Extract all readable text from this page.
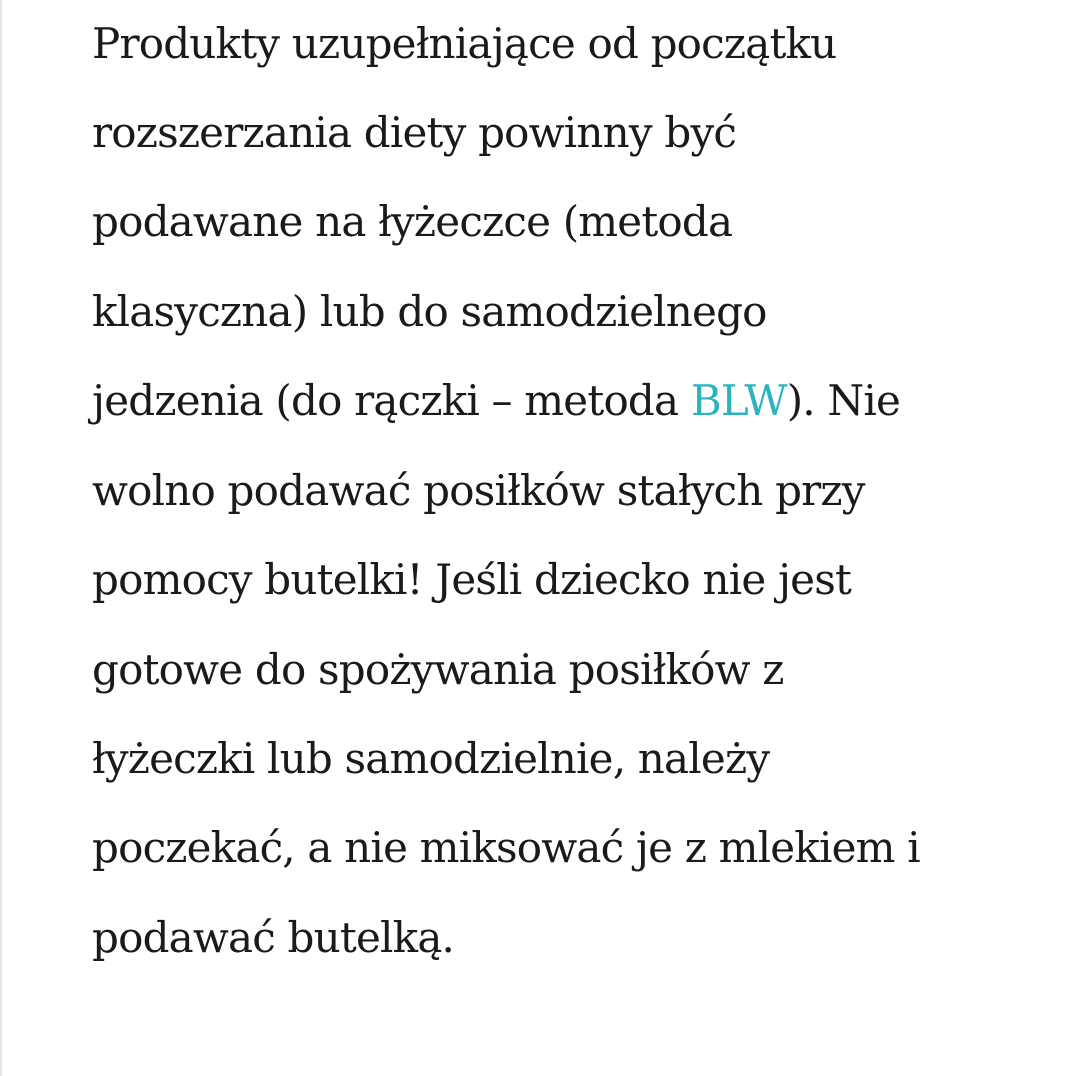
Produkty uzupełniające od początku
rozszerzania diety powinny być
podawane na łyżeczce (metoda
klasyczna) lub do samodzielnego
jedzenia (do rączki – metoda BLW). Nie
wolno podawać posiłków stałych przy
pomocy butelki! Jeśli dziecko nie jest
gotowe do spożywania posiłków z
łyżeczki lub samodzielnie, należy
poczekać, a nie miksować je z mlekiem i
podawać butelką.
